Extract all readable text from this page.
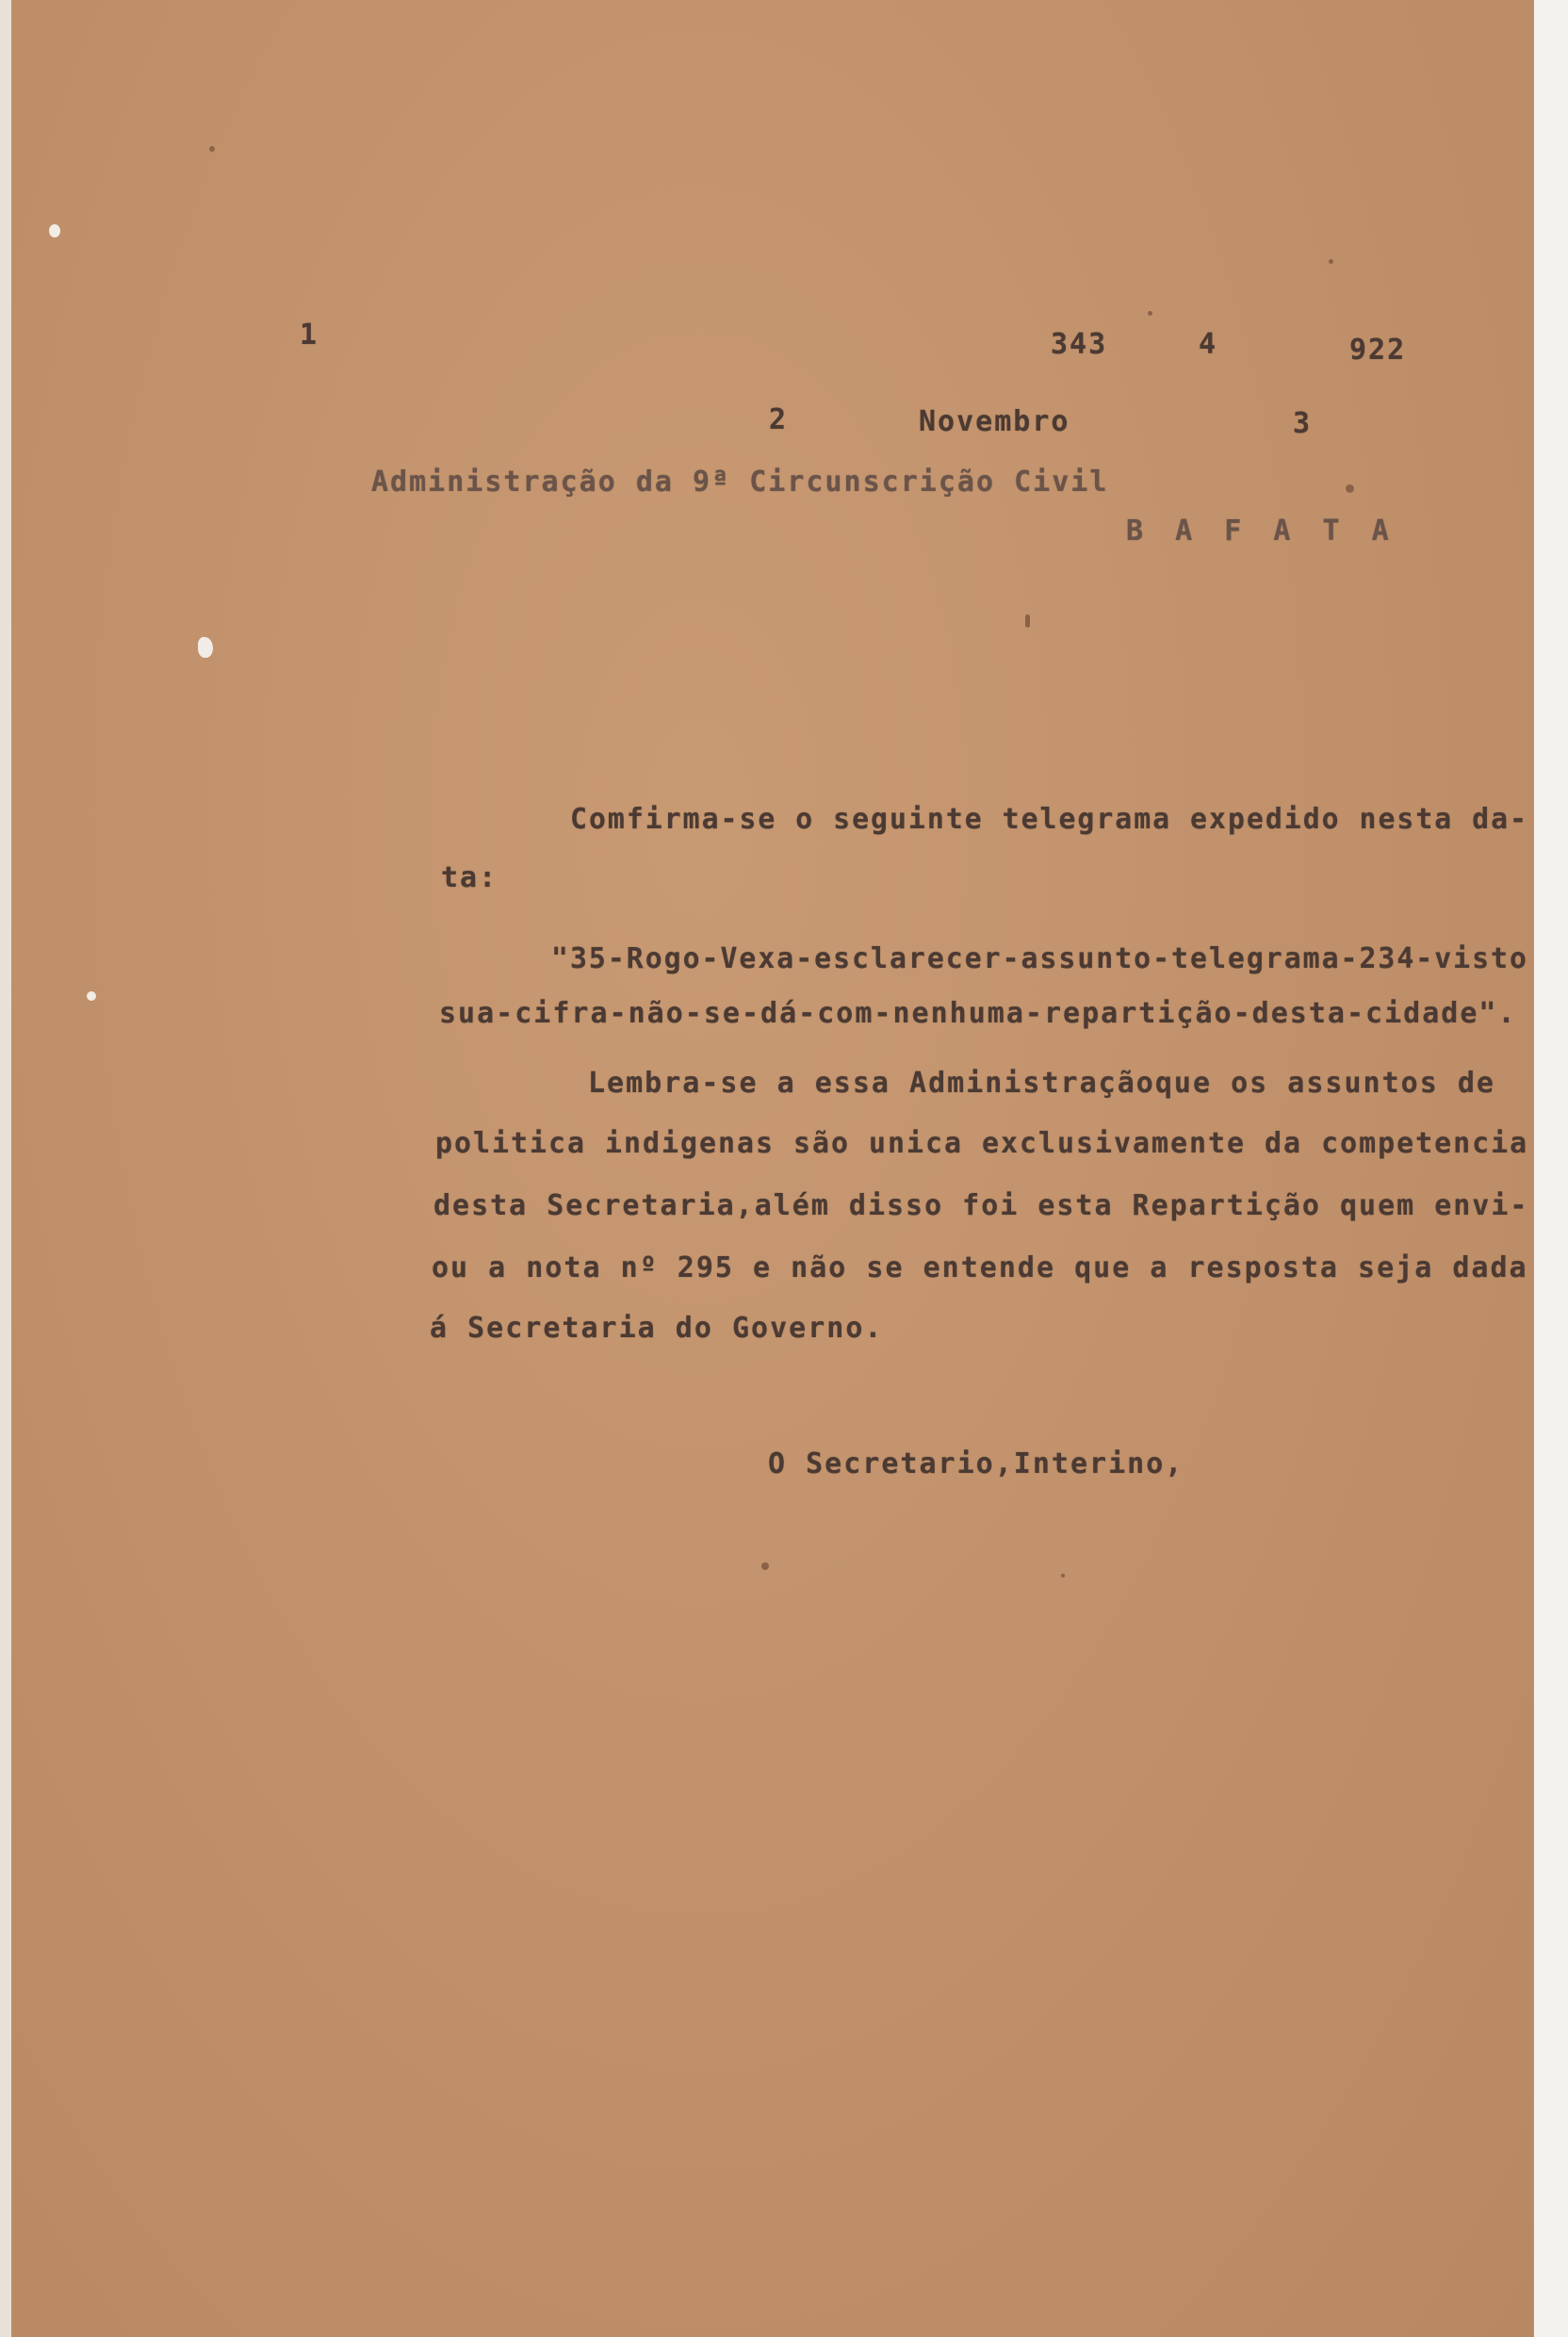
1	343	4	922
2	Novembro	3
Administração da 9ª Circunscrição Civil
B A F A T A
Comfirma-se o seguinte telegrama expedido nesta da-
ta:
"35-Rogo-Vexa-esclarecer-assunto-telegrama-234-visto
sua-cifra-não-se-dá-com-nenhuma-repartição-desta-cidade".
Lembra-se a essa Administraçãoque os assuntos de
politica indigenas são unica exclusivamente da competencia
desta Secretaria,além disso foi esta Repartição quem envi-
ou a nota nº 295 e não se entende que a resposta seja dada
á Secretaria do Governo.
O Secretario,Interino,
